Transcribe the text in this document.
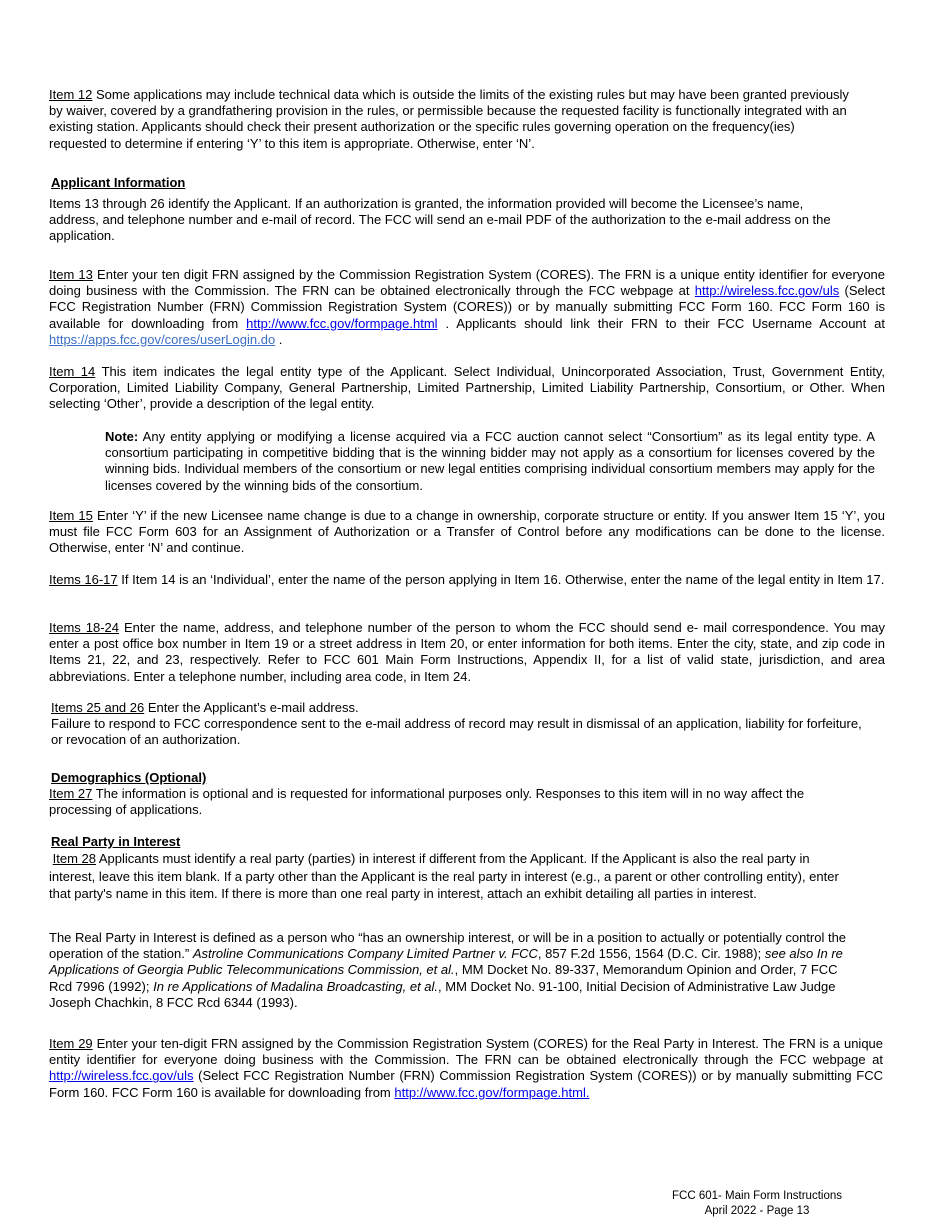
Item 12 Some applications may include technical data which is outside the limits of the existing rules but may have been granted previously by waiver, covered by a grandfathering provision in the rules, or permissible because the requested facility is functionally integrated with an existing station. Applicants should check their present authorization or the specific rules governing operation on the frequency(ies) requested to determine if entering ‘Y’ to this item is appropriate. Otherwise, enter ‘N’.

Applicant Information

Items 13 through 26 identify the Applicant. If an authorization is granted, the information provided will become the Licensee’s name, address, and telephone number and e-mail of record. The FCC will send an e-mail PDF of the authorization to the e-mail address on the application.

Item 13 Enter your ten digit FRN assigned by the Commission Registration System (CORES). The FRN is a unique entity identifier for everyone doing business with the Commission. The FRN can be obtained electronically through the FCC webpage at http://wireless.fcc.gov/uls (Select FCC Registration Number (FRN) Commission Registration System (CORES)) or by manually submitting FCC Form 160. FCC Form 160 is available for downloading from http://www.fcc.gov/formpage.html . Applicants should link their FRN to their FCC Username Account at https://apps.fcc.gov/cores/userLogin.do .

Item 14 This item indicates the legal entity type of the Applicant. Select Individual, Unincorporated Association, Trust, Government Entity, Corporation, Limited Liability Company, General Partnership, Limited Partnership, Limited Liability Partnership, Consortium, or Other. When selecting ‘Other’, provide a description of the legal entity.

Note: Any entity applying or modifying a license acquired via a FCC auction cannot select “Consortium” as its legal entity type. A consortium participating in competitive bidding that is the winning bidder may not apply as a consortium for licenses covered by the winning bids. Individual members of the consortium or new legal entities comprising individual consortium members may apply for the licenses covered by the winning bids of the consortium.

Item 15 Enter ‘Y’ if the new Licensee name change is due to a change in ownership, corporate structure or entity. If you answer Item 15 ‘Y’, you must file FCC Form 603 for an Assignment of Authorization or a Transfer of Control before any modifications can be done to the license. Otherwise, enter ‘N’ and continue.

Items 16-17 If Item 14 is an ‘Individual’, enter the name of the person applying in Item 16. Otherwise, enter the name of the legal entity in Item 17.

Items 18-24 Enter the name, address, and telephone number of the person to whom the FCC should send e- mail correspondence. You may enter a post office box number in Item 19 or a street address in Item 20, or enter information for both items. Enter the city, state, and zip code in Items 21, 22, and 23, respectively. Refer to FCC 601 Main Form Instructions, Appendix II, for a list of valid state, jurisdiction, and area abbreviations. Enter a telephone number, including area code, in Item 24.

Items 25 and 26 Enter the Applicant’s e-mail address.

Failure to respond to FCC correspondence sent to the e-mail address of record may result in dismissal of an application, liability for forfeiture, or revocation of an authorization.

Demographics (Optional)

Item 27 The information is optional and is requested for informational purposes only. Responses to this item will in no way affect the processing of applications.

Real Party in Interest

Item 28 Applicants must identify a real party (parties) in interest if different from the Applicant. If the Applicant is also the real party in interest, leave this item blank. If a party other than the Applicant is the real party in interest (e.g., a parent or other controlling entity), enter that party's name in this item. If there is more than one real party in interest, attach an exhibit detailing all parties in interest.

The Real Party in Interest is defined as a person who “has an ownership interest, or will be in a position to actually or potentially control the operation of the station.” Astroline Communications Company Limited Partner v. FCC, 857 F.2d 1556, 1564 (D.C. Cir. 1988); see also In re Applications of Georgia Public Telecommunications Commission, et al., MM Docket No. 89-337, Memorandum Opinion and Order, 7 FCC Rcd 7996 (1992); In re Applications of Madalina Broadcasting, et al., MM Docket No. 91-100, Initial Decision of Administrative Law Judge Joseph Chachkin, 8 FCC Rcd 6344 (1993).

Item 29 Enter your ten-digit FRN assigned by the Commission Registration System (CORES) for the Real Party in Interest. The FRN is a unique entity identifier for everyone doing business with the Commission. The FRN can be obtained electronically through the FCC webpage at http://wireless.fcc.gov/uls (Select FCC Registration Number (FRN) Commission Registration System (CORES)) or by manually submitting FCC Form 160. FCC Form 160 is available for downloading from http://www.fcc.gov/formpage.html.

FCC 601- Main Form Instructions
April 2022 - Page 13
